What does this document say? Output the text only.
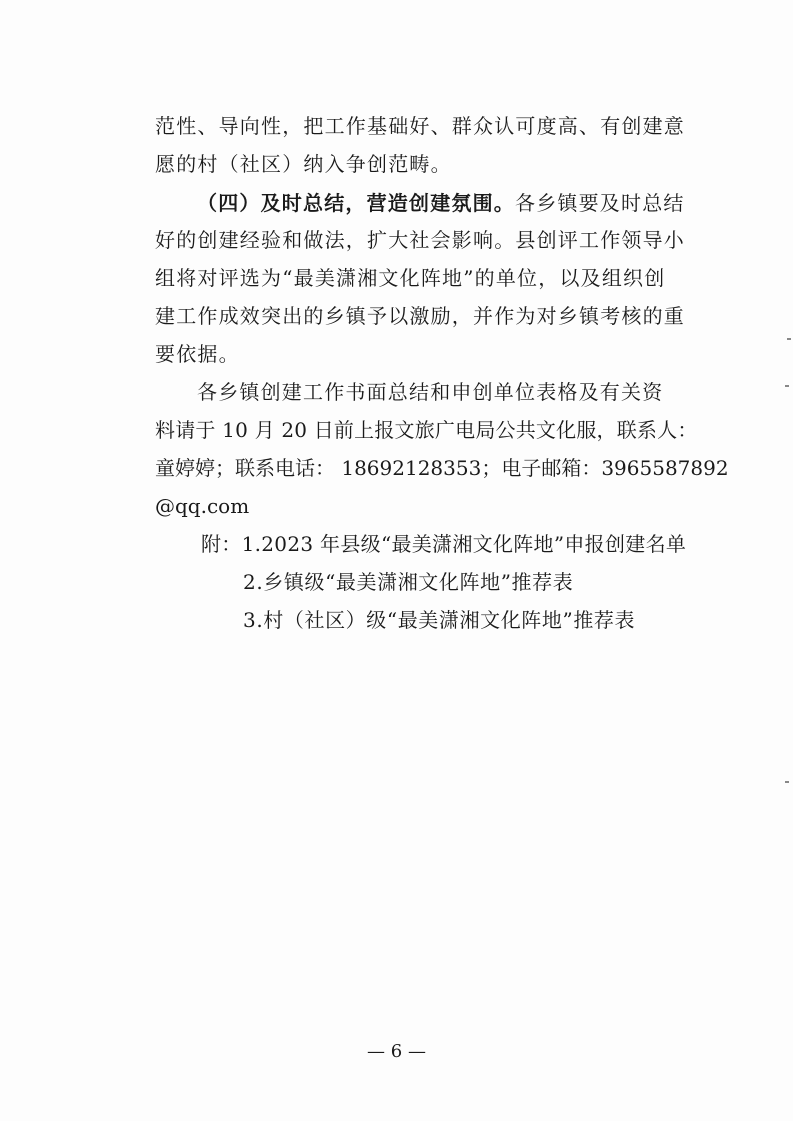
范性、导向性，把工作基础好、群众认可度高、有创建意
愿的村（社区）纳入争创范畴。
（四）及时总结，营造创建氛围。各乡镇要及时总结
好的创建经验和做法，扩大社会影响。县创评工作领导小
组将对评选为“最美潇湘文化阵地”的单位，以及组织创
建工作成效突出的乡镇予以激励，并作为对乡镇考核的重
要依据。
各乡镇创建工作书面总结和申创单位表格及有关资
料请于 10 月 20 日前上报文旅广电局公共文化服，联系人：
童婷婷；联系电话： 18692128353；电子邮箱：3965587892
@qq.com
附：1.2023 年县级“最美潇湘文化阵地”申报创建名单
2.乡镇级“最美潇湘文化阵地”推荐表
3.村（社区）级“最美潇湘文化阵地”推荐表
— 6 —
